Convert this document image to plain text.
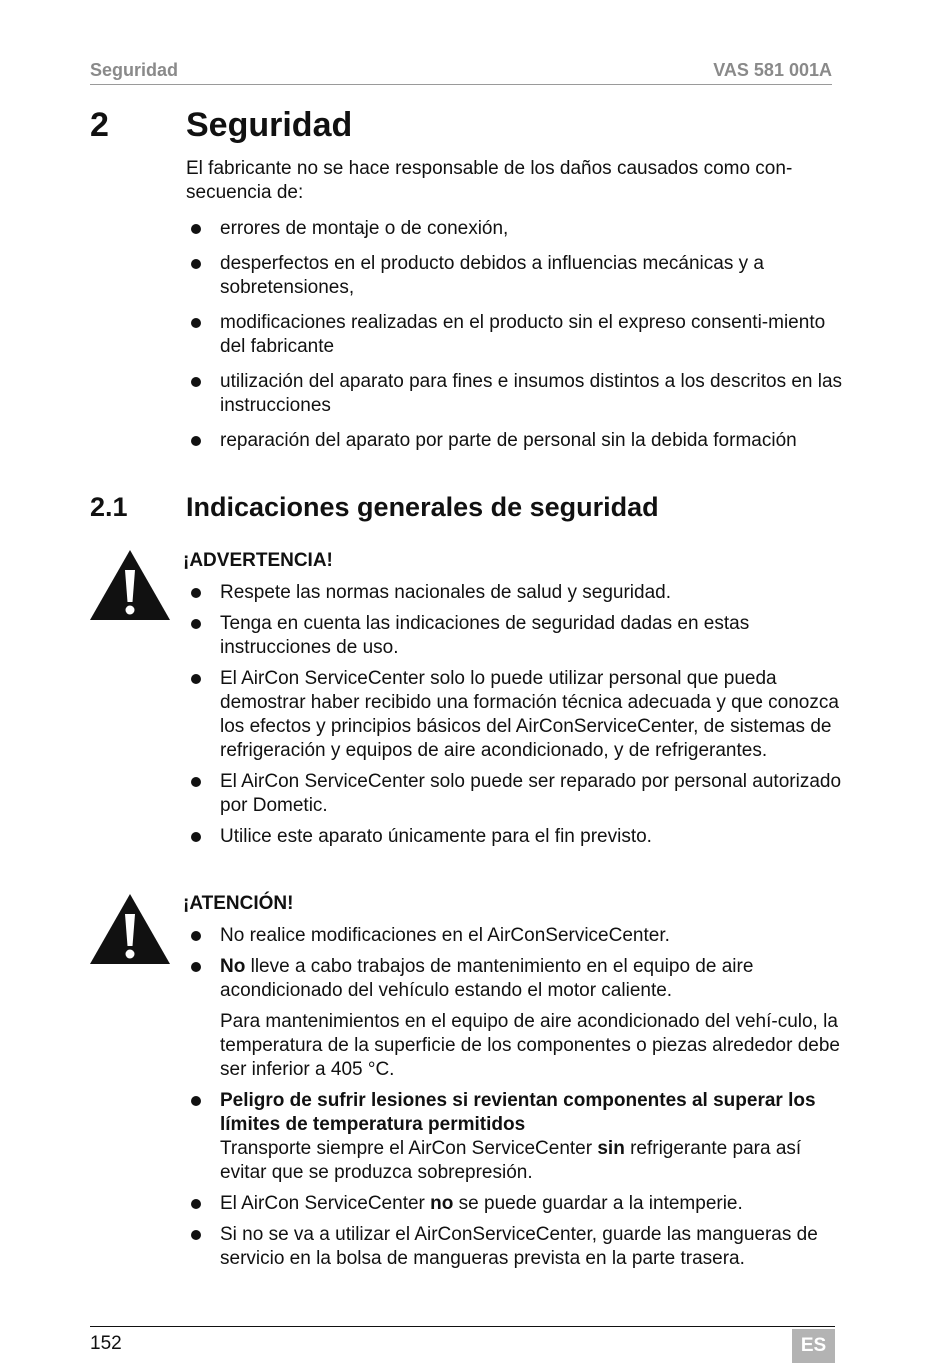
Seguridad	VAS 581 001A
2 Seguridad
El fabricante no se hace responsable de los daños causados como con-secuencia de:
errores de montaje o de conexión,
desperfectos en el producto debidos a influencias mecánicas y a sobretensiones,
modificaciones realizadas en el producto sin el expreso consenti-miento del fabricante
utilización del aparato para fines e insumos distintos a los descritos en las instrucciones
reparación del aparato por parte de personal sin la debida formación
2.1 Indicaciones generales de seguridad
¡ADVERTENCIA!
Respete las normas nacionales de salud y seguridad.
Tenga en cuenta las indicaciones de seguridad dadas en estas instrucciones de uso.
El AirCon ServiceCenter solo lo puede utilizar personal que pueda demostrar haber recibido una formación técnica adecuada y que conozca los efectos y principios básicos del AirConServiceCenter, de sistemas de refrigeración y equipos de aire acondicionado, y de refrigerantes.
El AirCon ServiceCenter solo puede ser reparado por personal autorizado por Dometic.
Utilice este aparato únicamente para el fin previsto.
¡ATENCIÓN!
No realice modificaciones en el AirConServiceCenter.
No lleve a cabo trabajos de mantenimiento en el equipo de aire acondicionado del vehículo estando el motor caliente.
Para mantenimientos en el equipo de aire acondicionado del vehí-culo, la temperatura de la superficie de los componentes o piezas alrededor debe ser inferior a 405 °C.
Peligro de sufrir lesiones si revientan componentes al superar los límites de temperatura permitidos
Transporte siempre el AirCon ServiceCenter sin refrigerante para así evitar que se produzca sobrepresión.
El AirCon ServiceCenter no se puede guardar a la intemperie.
Si no se va a utilizar el AirConServiceCenter, guarde las mangueras de servicio en la bolsa de mangueras prevista en la parte trasera.
152	ES
